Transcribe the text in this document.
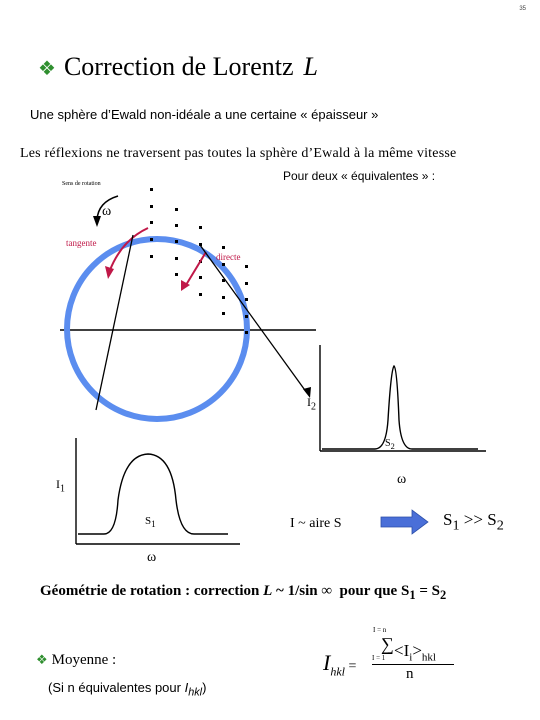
35
❖ Correction de Lorentz L
Une sphère d’Ewald non-idéale a une certaine « épaisseur »
Les réflexions ne traversent pas toutes la sphère d’Ewald à la même vitesse
Pour deux « équivalentes » :
Sens de rotation
ω
tangente
directe
$I_2$
$S_2$
ω
$I_1$
$S_1$
ω
I ~ aire S	$S_1 >> S_2$
Géométrie de rotation : correction L ~ 1/sin ∞  pour que $S_1 = S_2$
❖ Moyenne :
(Si n équivalentes pour $I_{hkl}$)
$I_{hkl}$ =
I = n
∑
$I = 1 <I_i>_{hkl}$
n
